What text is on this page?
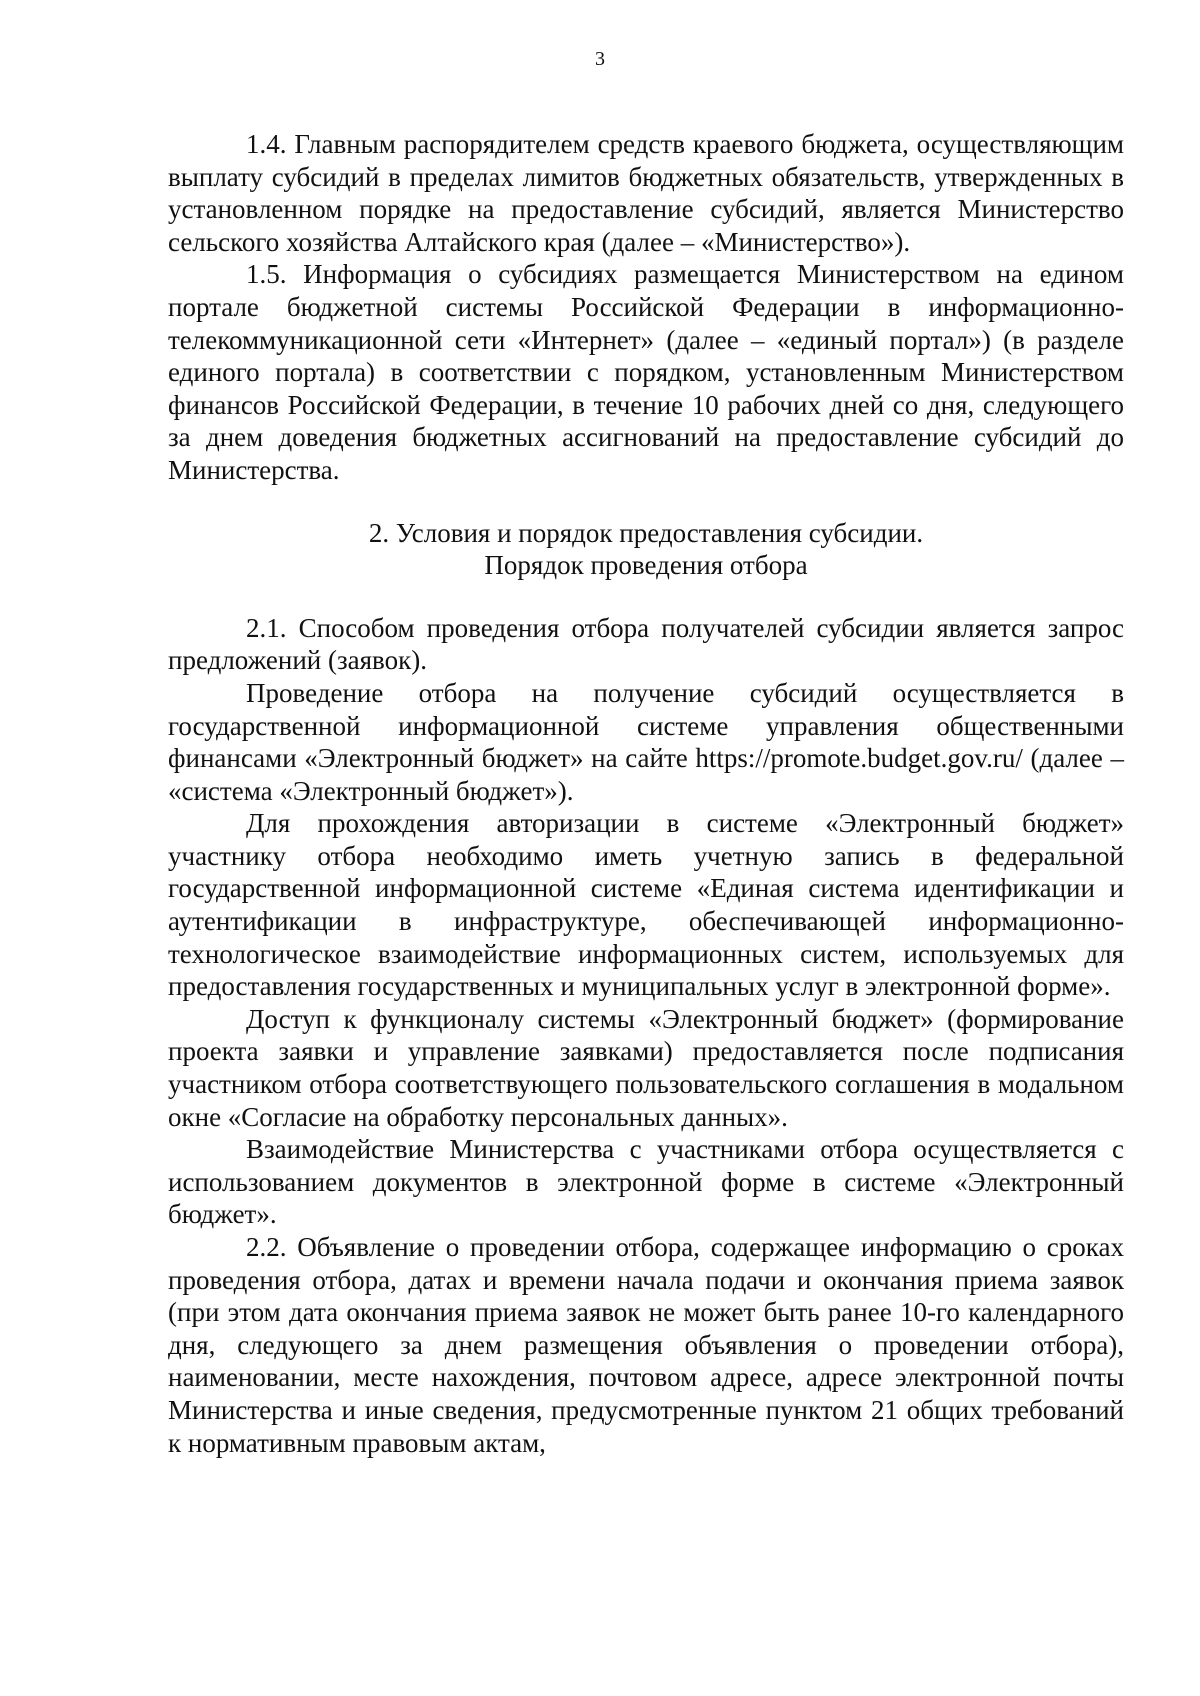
3

1.4. Главным распорядителем средств краевого бюджета, осуществляющим выплату субсидий в пределах лимитов бюджетных обязательств, утвержденных в установленном порядке на предоставление субсидий, является Министерство сельского хозяйства Алтайского края (далее – «Министерство»).

1.5. Информация о субсидиях размещается Министерством на едином портале бюджетной системы Российской Федерации в информационно-телекоммуникационной сети «Интернет» (далее – «единый портал») (в разделе единого портала) в соответствии с порядком, установленным Министерством финансов Российской Федерации, в течение 10 рабочих дней со дня, следующего за днем доведения бюджетных ассигнований на предоставление субсидий до Министерства.

2. Условия и порядок предоставления субсидии.
Порядок проведения отбора

2.1. Способом проведения отбора получателей субсидии является запрос предложений (заявок).

Проведение отбора на получение субсидий осуществляется в государственной информационной системе управления общественными финансами «Электронный бюджет» на сайте https://promote.budget.gov.ru/ (далее – «система «Электронный бюджет»).

Для прохождения авторизации в системе «Электронный бюджет» участнику отбора необходимо иметь учетную запись в федеральной государственной информационной системе «Единая система идентификации и аутентификации в инфраструктуре, обеспечивающей информационно-технологическое взаимодействие информационных систем, используемых для предоставления государственных и муниципальных услуг в электронной форме».

Доступ к функционалу системы «Электронный бюджет» (формирование проекта заявки и управление заявками) предоставляется после подписания участником отбора соответствующего пользовательского соглашения в модальном окне «Согласие на обработку персональных данных».

Взаимодействие Министерства с участниками отбора осуществляется с использованием документов в электронной форме в системе «Электронный бюджет».

2.2. Объявление о проведении отбора, содержащее информацию о сроках проведения отбора, датах и времени начала подачи и окончания приема заявок (при этом дата окончания приема заявок не может быть ранее 10-го календарного дня, следующего за днем размещения объявления о проведении отбора), наименовании, месте нахождения, почтовом адресе, адресе электронной почты Министерства и иные сведения, предусмотренные пунктом 21 общих требований к нормативным правовым актам,
